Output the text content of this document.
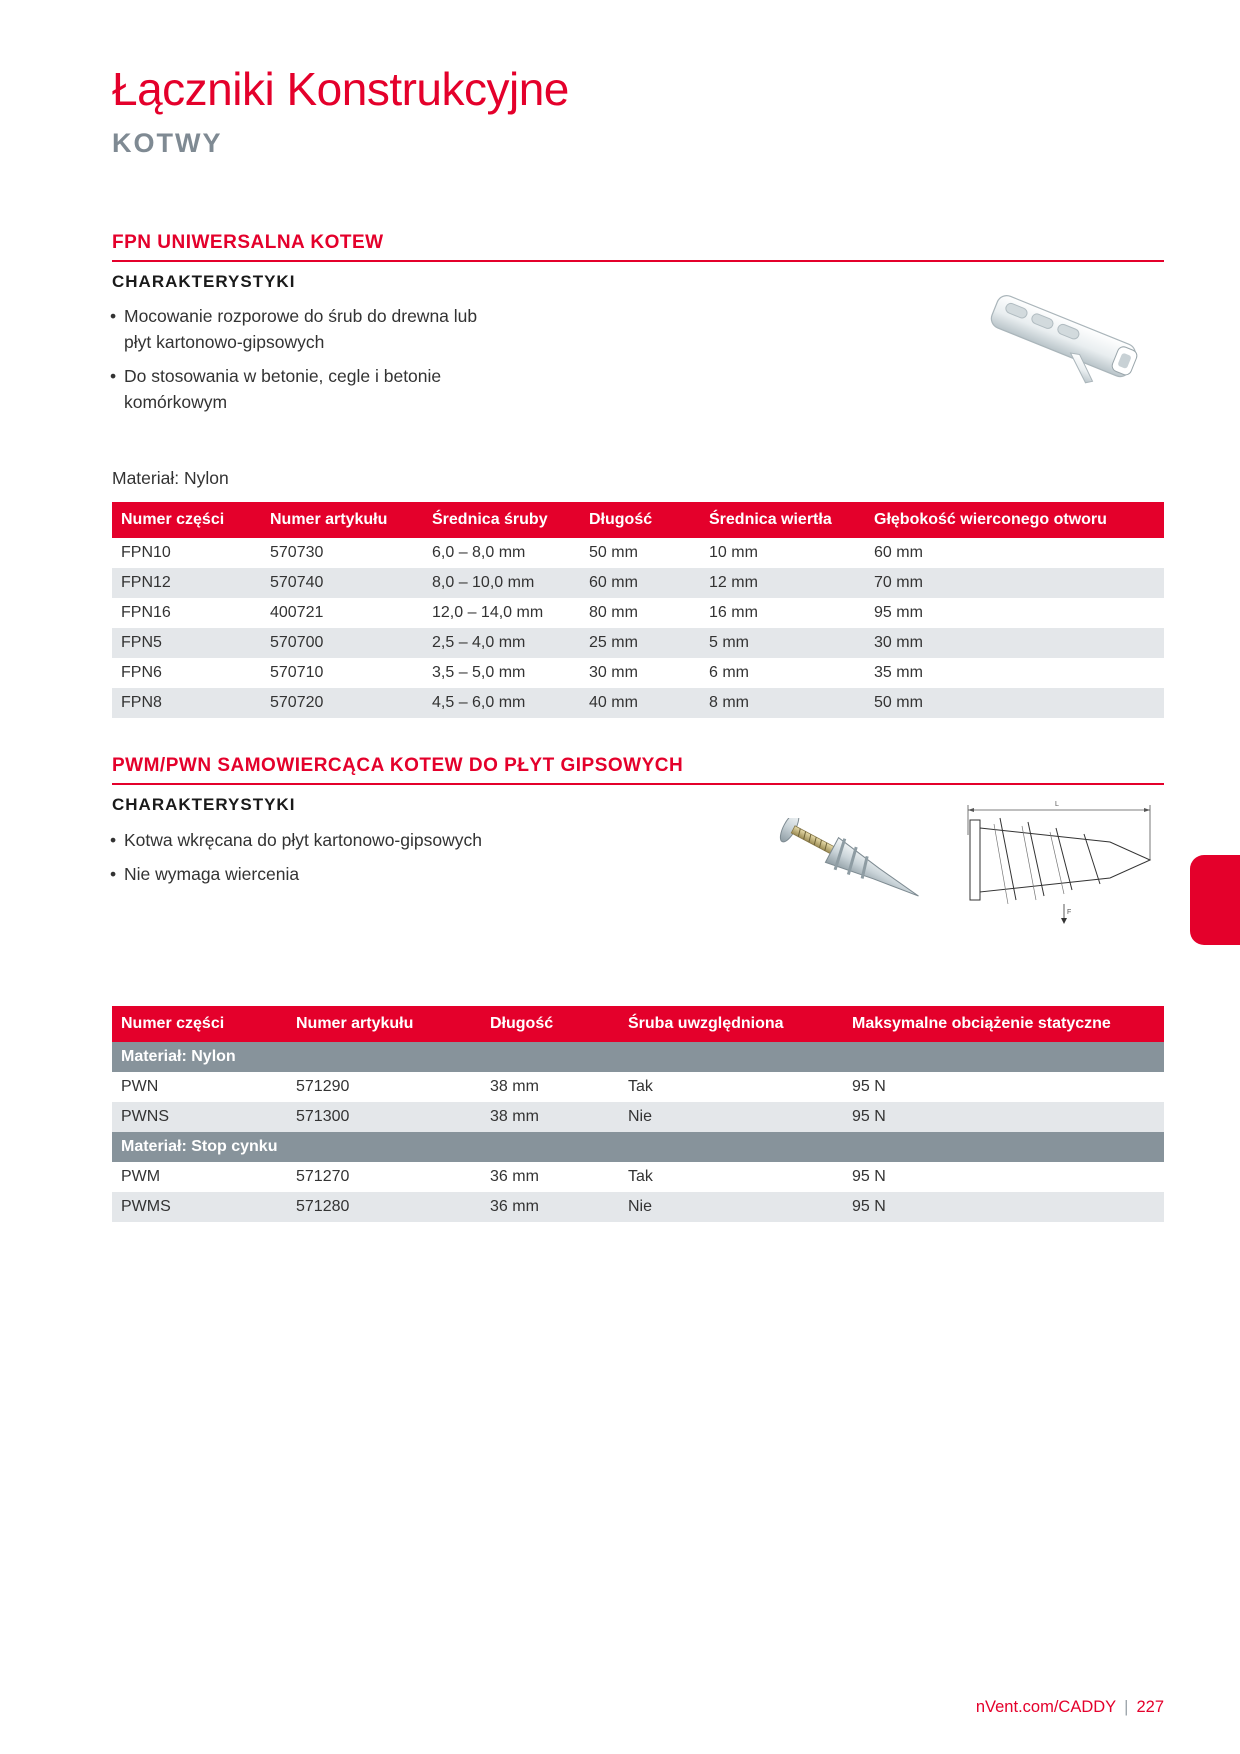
Łączniki Konstrukcyjne
KOTWY
FPN UNIWERSALNA KOTEW
CHARAKTERYSTYKI
• Mocowanie rozporowe do śrub do drewna lub płyt kartonowo-gipsowych
• Do stosowania w betonie, cegle i betonie komórkowym
Materiał: Nylon
Numer części	Numer artykułu	Średnica śruby	Długość	Średnica wiertła	Głębokość wierconego otworu
FPN10	570730	6,0 – 8,0 mm	50 mm	10 mm	60 mm
FPN12	570740	8,0 – 10,0 mm	60 mm	12 mm	70 mm
FPN16	400721	12,0 – 14,0 mm	80 mm	16 mm	95 mm
FPN5	570700	2,5 – 4,0 mm	25 mm	5 mm	30 mm
FPN6	570710	3,5 – 5,0 mm	30 mm	6 mm	35 mm
FPN8	570720	4,5 – 6,0 mm	40 mm	8 mm	50 mm
PWM/PWN SAMOWIERCĄCA KOTEW DO PŁYT GIPSOWYCH
CHARAKTERYSTYKI
• Kotwa wkręcana do płyt kartonowo-gipsowych
• Nie wymaga wiercenia
L
F
Numer części	Numer artykułu	Długość	Śruba uwzględniona	Maksymalne obciążenie statyczne
Materiał: Nylon				
PWN	571290	38 mm	Tak	95 N
PWNS	571300	38 mm	Nie	95 N
Materiał: Stop cynku				
PWM	571270	36 mm	Tak	95 N
PWMS	571280	36 mm	Nie	95 N
nVent.com/CADDY | 227
